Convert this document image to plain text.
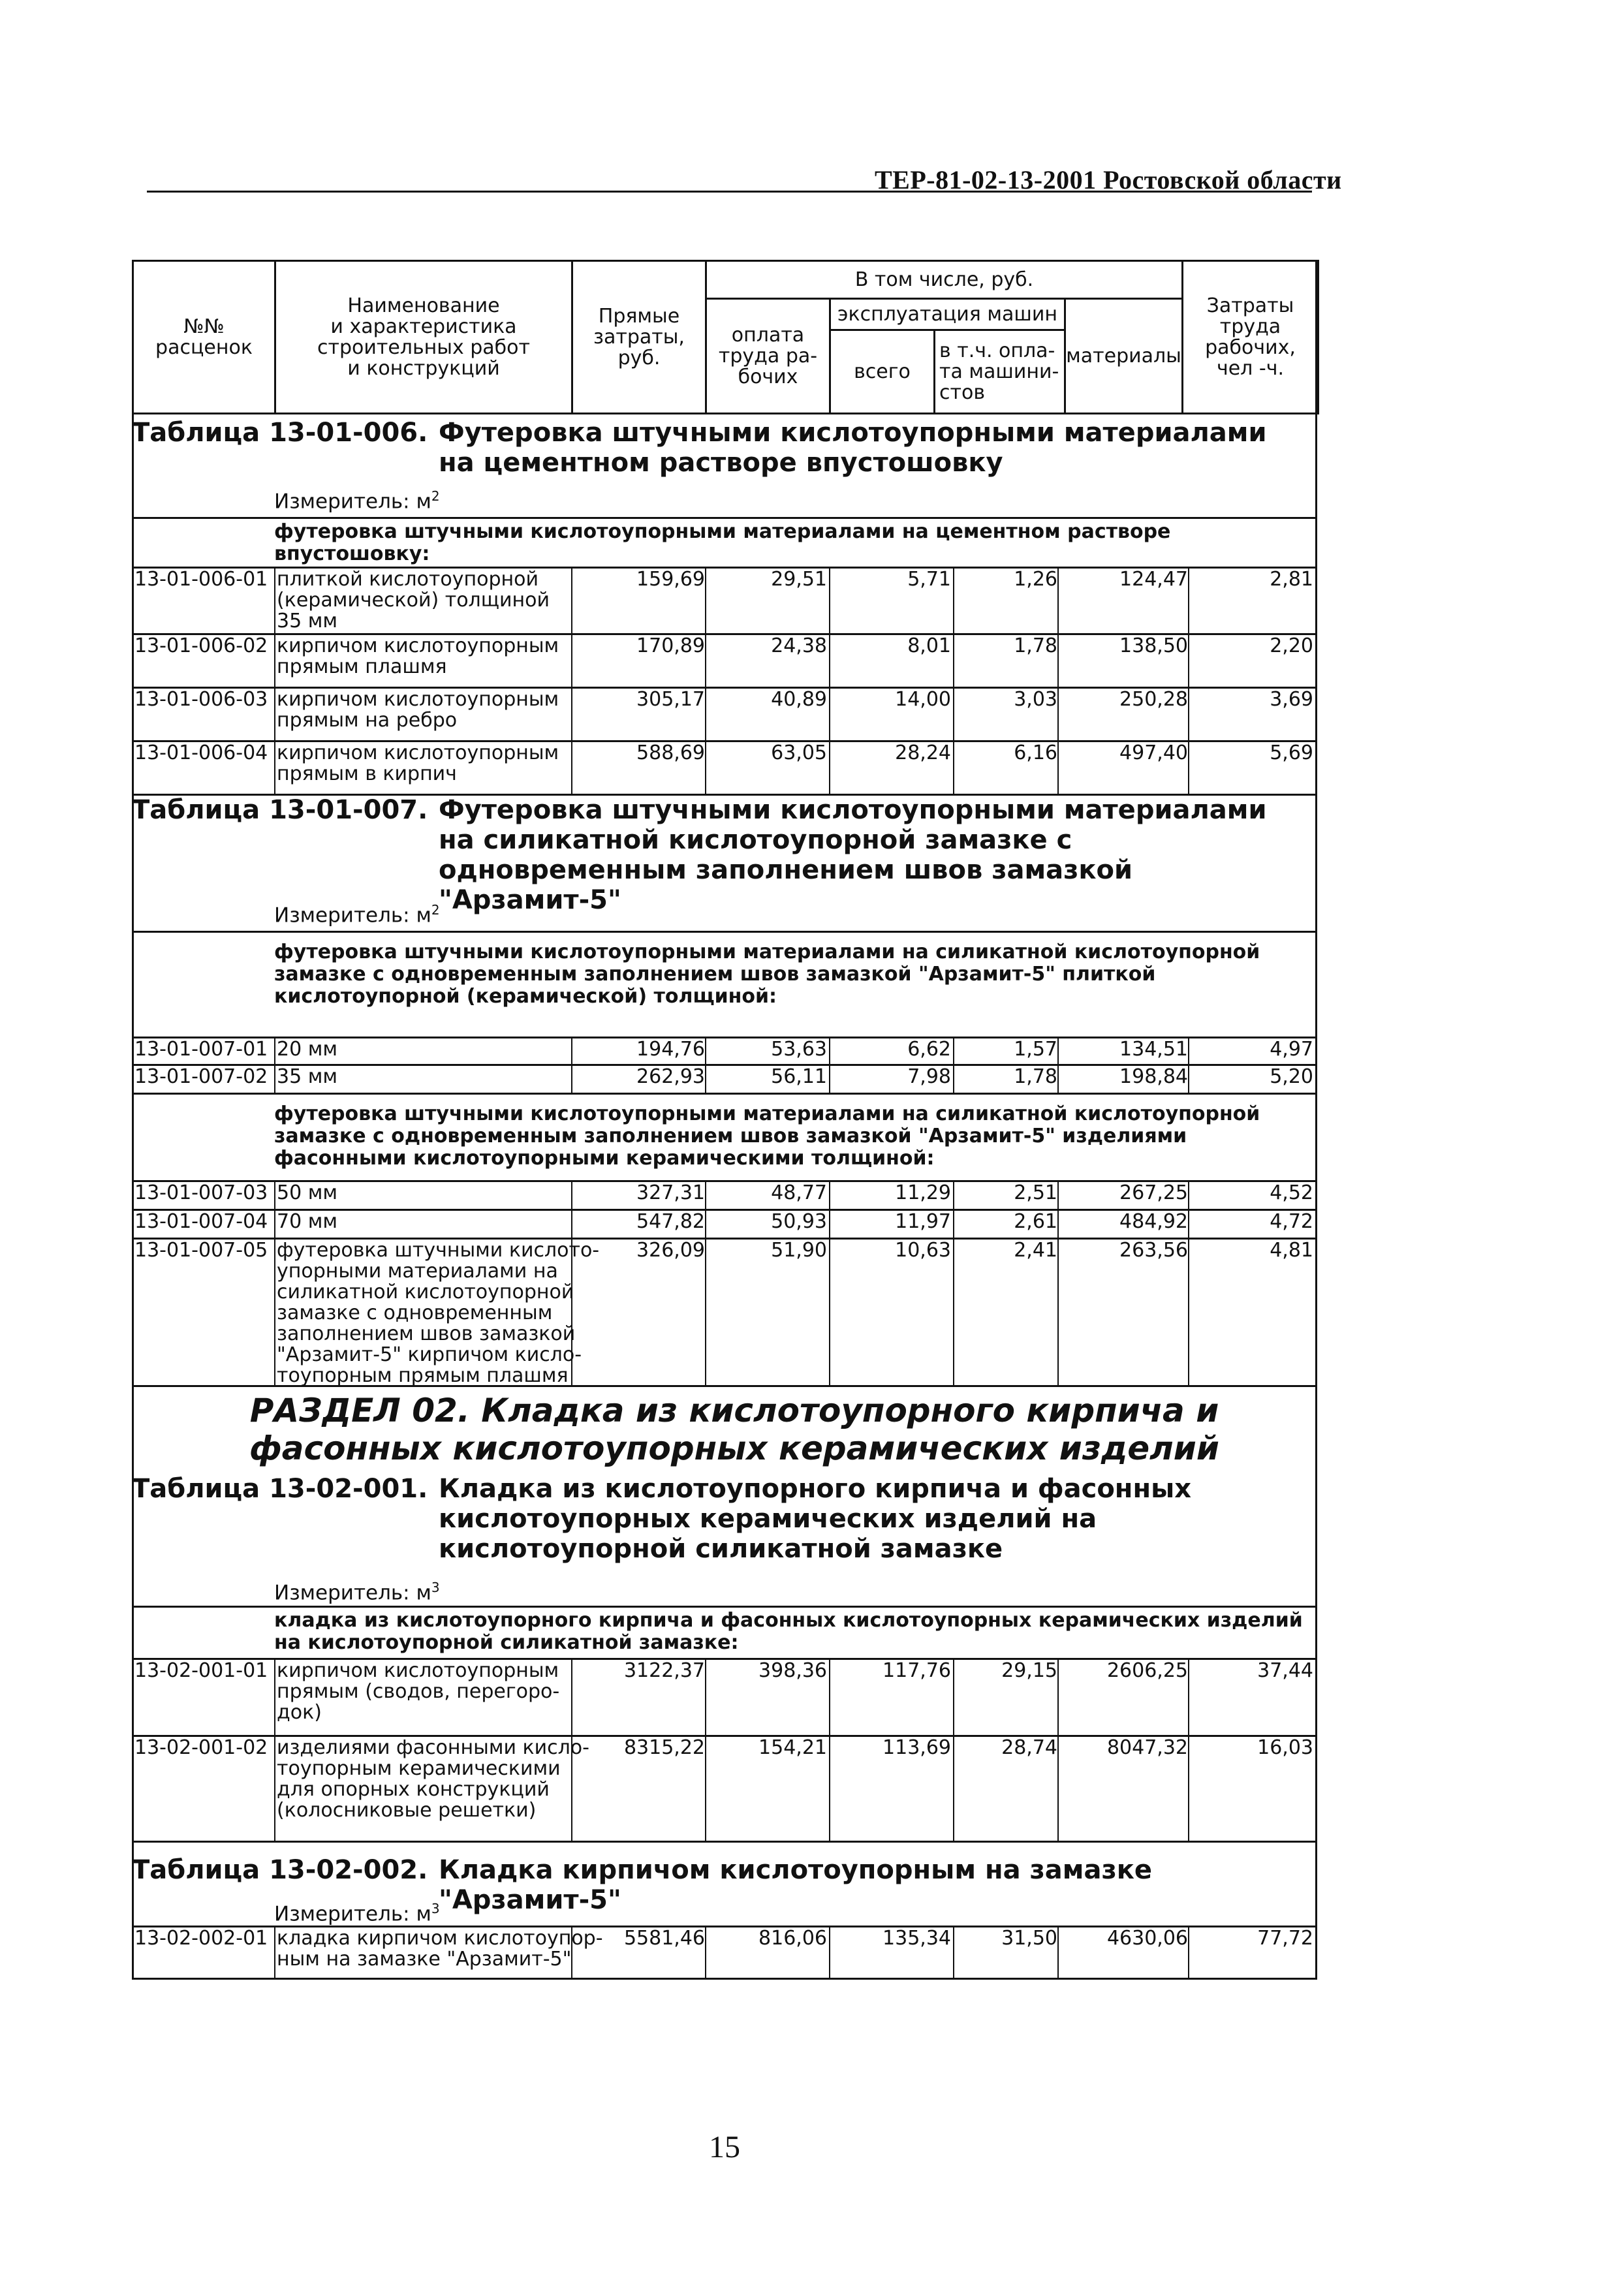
ТЕР-81-02-13-2001 Ростовской области
№№
расценок	Наименование
и характеристика
строительных работ
и конструкций	Прямые
затраты,
руб.	В том числе, руб.				Затраты
труда
рабочих,
чел -ч.
			оплата
труда ра-
бочих	эксплуатация машин		материалы	
				всего	в т.ч. опла-
та машини-
стов		
Таблица 13-01-006. Футеровка штучными кислотоупорными материалами на цементном растворе впустошовку
Измеритель: $м^2$
футеровка штучными кислотоупорными материалами на цементном растворе впустошовку:
13-01-006-01 плиткой кислотоупорной
(керамической) толщиной
35 мм
159,69	29,51	5,71	1,26	124,47	2,81
13-01-006-02 кирпичом кислотоупорным
прямым плашмя
170,89	24,38	8,01	1,78	138,50	2,20
13-01-006-03 кирпичом кислотоупорным
прямым на ребро
305,17	40,89	14,00	3,03	250,28	3,69
13-01-006-04 кирпичом кислотоупорным
прямым в кирпич
588,69	63,05	28,24	6,16	497,40	5,69
Таблица 13-01-007. Футеровка штучными кислотоупорными материалами на силикатной кислотоупорной замазке с одновременным заполнением швов замазкой "Арзамит-5"
Измеритель: $м^2$
футеровка штучными кислотоупорными материалами на силикатной кислотоупорной замазке с одновременным заполнением швов замазкой "Арзамит-5" плиткой кислотоупорной (керамической) толщиной:
13-01-007-01 20 мм	194,76	53,63	6,62	1,57	134,51	4,97
13-01-007-02 35 мм	262,93	56,11	7,98	1,78	198,84	5,20
футеровка штучными кислотоупорными материалами на силикатной кислотоупорной замазке с одновременным заполнением швов замазкой "Арзамит-5" изделиями фасонными кислотоупорными керамическими толщиной:
13-01-007-03 50 мм	327,31	48,77	11,29	2,51	267,25	4,52
13-01-007-04 70 мм	547,82	50,93	11,97	2,61	484,92	4,72
13-01-007-05 футеровка штучными кислото-
упорными материалами на
силикатной кислотоупорной
замазке с одновременным
заполнением швов замазкой
"Арзамит-5" кирпичом кисло-
тоупорным прямым плашмя
326,09	51,90	10,63	2,41	263,56	4,81
РАЗДЕЛ 02. Кладка из кислотоупорного кирпича и фасонных кислотоупорных керамических изделий
Таблица 13-02-001. Кладка из кислотоупорного кирпича и фасонных кислотоупорных керамических изделий на кислотоупорной силикатной замазке
Измеритель: $м^3$
кладка из кислотоупорного кирпича и фасонных кислотоупорных керамических изделий на кислотоупорной силикатной замазке:
13-02-001-01 кирпичом кислотоупорным
прямым (сводов, перегоро-
док)
3122,37	398,36	117,76	29,15	2606,25	37,44
13-02-001-02 изделиями фасонными кисло-
тоупорным керамическими
для опорных конструкций
(колосниковые решетки)
8315,22	154,21	113,69	28,74	8047,32	16,03
Таблица 13-02-002. Кладка кирпичом кислотоупорным на замазке "Арзамит-5"
Измеритель: $м^3$
13-02-002-01 кладка кирпичом кислотоупор-
ным на замазке "Арзамит-5"
5581,46	816,06	135,34	31,50	4630,06	77,72
15
